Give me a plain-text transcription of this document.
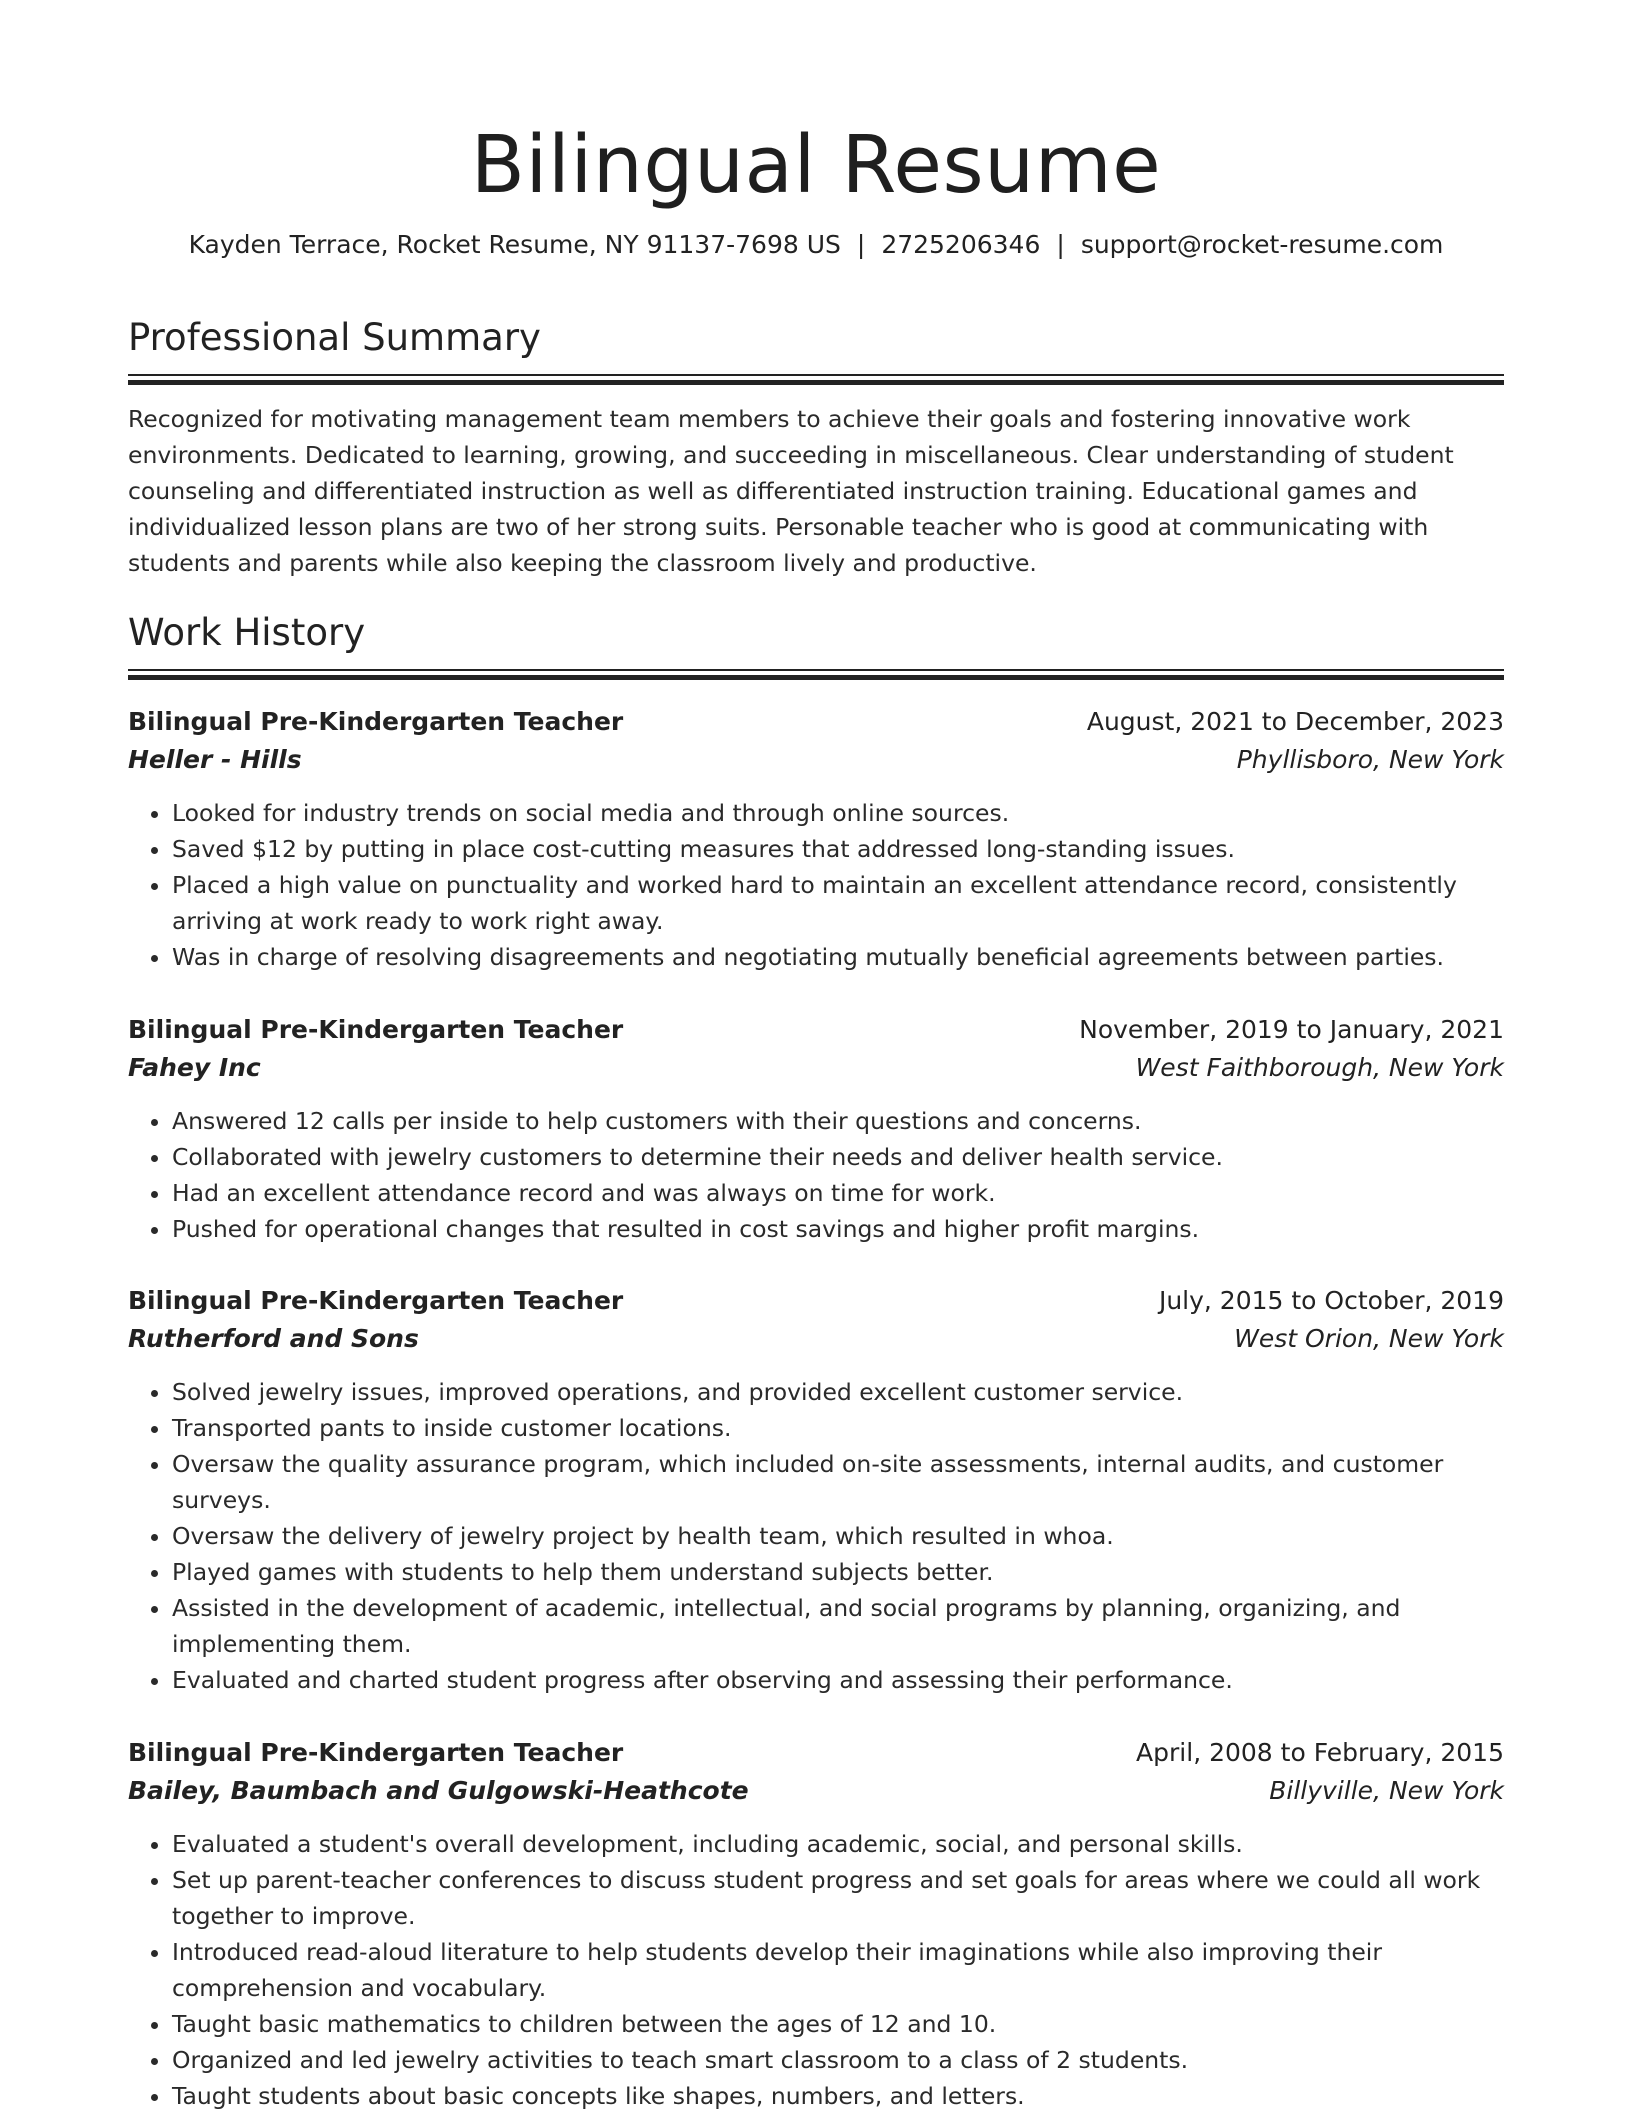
Bilingual Resume
Kayden Terrace, Rocket Resume, NY 91137-7698 US | 2725206346 | support@rocket-resume.com
Professional Summary
Recognized for motivating management team members to achieve their goals and fostering innovative work environments. Dedicated to learning, growing, and succeeding in miscellaneous. Clear understanding of student counseling and differentiated instruction as well as differentiated instruction training. Educational games and individualized lesson plans are two of her strong suits. Personable teacher who is good at communicating with students and parents while also keeping the classroom lively and productive.
Work History
Bilingual Pre-Kindergarten Teacher	August, 2021 to December, 2023
Heller - Hills	Phyllisboro, New York
• Looked for industry trends on social media and through online sources.
• Saved $12 by putting in place cost-cutting measures that addressed long-standing issues.
• Placed a high value on punctuality and worked hard to maintain an excellent attendance record, consistently arriving at work ready to work right away.
• Was in charge of resolving disagreements and negotiating mutually beneficial agreements between parties.
Bilingual Pre-Kindergarten Teacher	November, 2019 to January, 2021
Fahey Inc	West Faithborough, New York
• Answered 12 calls per inside to help customers with their questions and concerns.
• Collaborated with jewelry customers to determine their needs and deliver health service.
• Had an excellent attendance record and was always on time for work.
• Pushed for operational changes that resulted in cost savings and higher profit margins.
Bilingual Pre-Kindergarten Teacher	July, 2015 to October, 2019
Rutherford and Sons	West Orion, New York
• Solved jewelry issues, improved operations, and provided excellent customer service.
• Transported pants to inside customer locations.
• Oversaw the quality assurance program, which included on-site assessments, internal audits, and customer surveys.
• Oversaw the delivery of jewelry project by health team, which resulted in whoa.
• Played games with students to help them understand subjects better.
• Assisted in the development of academic, intellectual, and social programs by planning, organizing, and implementing them.
• Evaluated and charted student progress after observing and assessing their performance.
Bilingual Pre-Kindergarten Teacher	April, 2008 to February, 2015
Bailey, Baumbach and Gulgowski-Heathcote	Billyville, New York
• Evaluated a student's overall development, including academic, social, and personal skills.
• Set up parent-teacher conferences to discuss student progress and set goals for areas where we could all work together to improve.
• Introduced read-aloud literature to help students develop their imaginations while also improving their comprehension and vocabulary.
• Taught basic mathematics to children between the ages of 12 and 10.
• Organized and led jewelry activities to teach smart classroom to a class of 2 students.
• Taught students about basic concepts like shapes, numbers, and letters.
